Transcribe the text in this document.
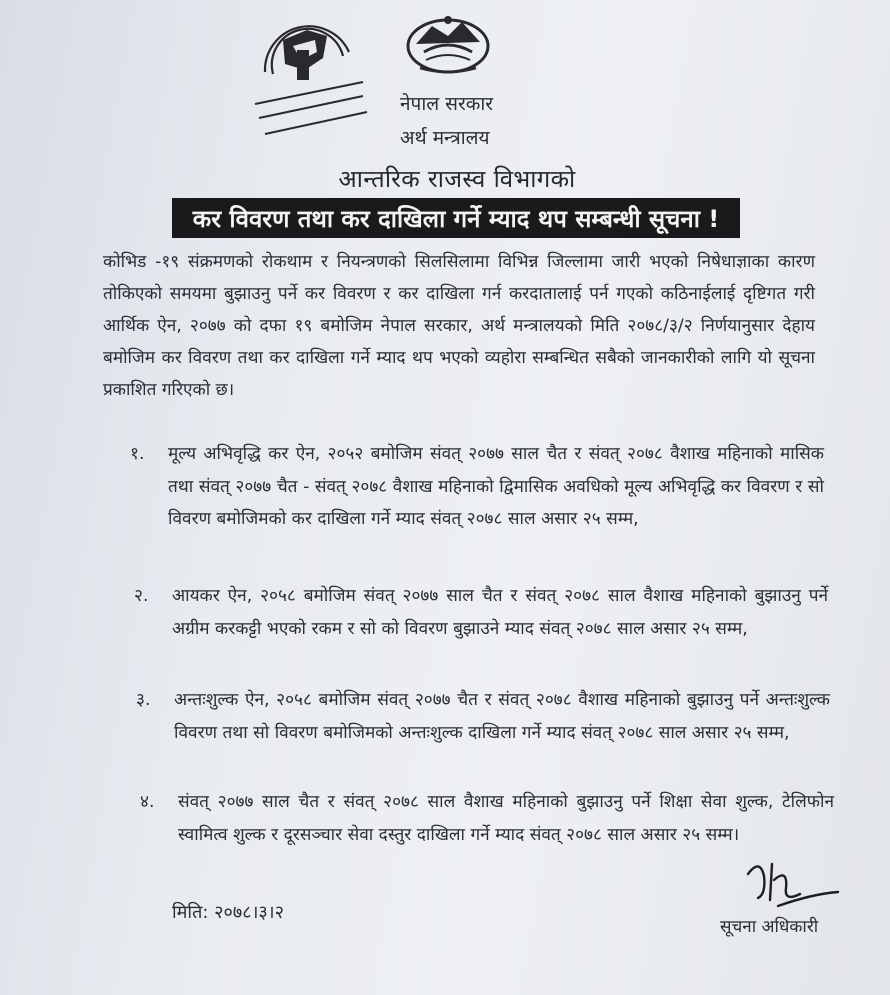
नेपाल सरकार
अर्थ मन्त्रालय
आन्तरिक राजस्व विभागको
कर विवरण तथा कर दाखिला गर्ने म्याद थप सम्बन्धी सूचना !
कोभिड -१९ संक्रमणको रोकथाम र नियन्त्रणको सिलसिलामा विभिन्न जिल्लामा जारी भएको निषेधाज्ञाका कारण तोकिएको समयमा बुझाउनु पर्ने कर विवरण र कर दाखिला गर्न करदातालाई पर्न गएको कठिनाईलाई दृष्टिगत गरी आर्थिक ऐन, २०७७ को दफा १९ बमोजिम नेपाल सरकार, अर्थ मन्त्रालयको मिति २०७८/३/२ निर्णयानुसार देहाय बमोजिम कर विवरण तथा कर दाखिला गर्ने म्याद थप भएको व्यहोरा सम्बन्धित सबैको जानकारीको लागि यो सूचना प्रकाशित गरिएको छ।
१. मूल्य अभिवृद्धि कर ऐन, २०५२ बमोजिम संवत् २०७७ साल चैत र संवत् २०७८ वैशाख महिनाको मासिक तथा संवत् २०७७ चैत - संवत् २०७८ वैशाख महिनाको द्विमासिक अवधिको मूल्य अभिवृद्धि कर विवरण र सो विवरण बमोजिमको कर दाखिला गर्ने म्याद संवत् २०७८ साल असार २५ सम्म,
२. आयकर ऐन, २०५८ बमोजिम संवत् २०७७ साल चैत र संवत् २०७८ साल वैशाख महिनाको बुझाउनु पर्ने अग्रीम करकट्टी भएको रकम र सो को विवरण बुझाउने म्याद संवत् २०७८ साल असार २५ सम्म,
३. अन्तःशुल्क ऐन, २०५८ बमोजिम संवत् २०७७ चैत र संवत् २०७८ वैशाख महिनाको बुझाउनु पर्ने अन्तःशुल्क विवरण तथा सो विवरण बमोजिमको अन्तःशुल्क दाखिला गर्ने म्याद संवत् २०७८ साल असार २५ सम्म,
४. संवत् २०७७ साल चैत र संवत् २०७८ साल वैशाख महिनाको बुझाउनु पर्ने शिक्षा सेवा शुल्क, टेलिफोन स्वामित्व शुल्क र दूरसञ्चार सेवा दस्तुर दाखिला गर्ने म्याद संवत् २०७८ साल असार २५ सम्म।
मिति: २०७८।३।२
सूचना अधिकारी
